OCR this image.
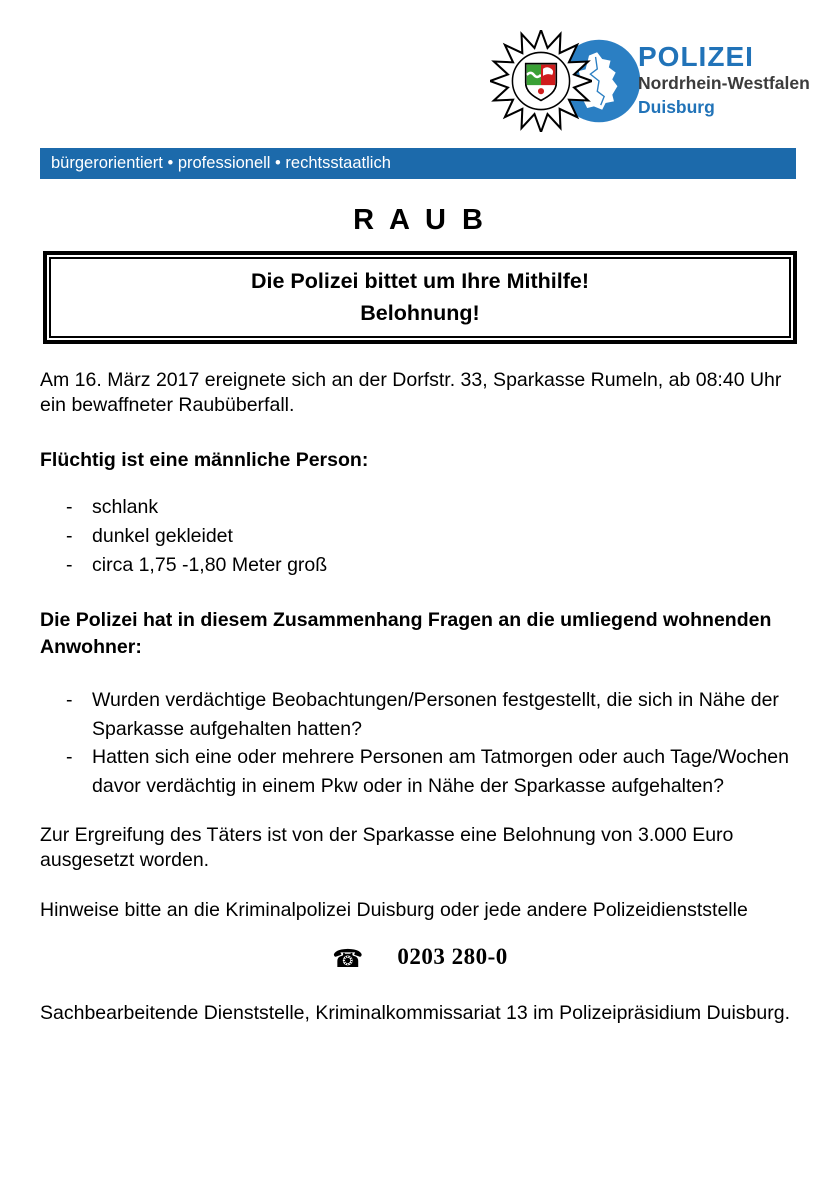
POLIZEI
Nordrhein-Westfalen
Duisburg
bürgerorientiert • professionell • rechtsstaatlich
R A U B
Die Polizei bittet um Ihre Mithilfe!
Belohnung!

Am 16. März 2017 ereignete sich an der Dorfstr. 33, Sparkasse Rumeln, ab 08:40 Uhr ein bewaffneter Raubüberfall.

Flüchtig ist eine männliche Person:

-	schlank
-	dunkel gekleidet
-	circa 1,75 -1,80 Meter groß

Die Polizei hat in diesem Zusammenhang Fragen an die umliegend wohnenden Anwohner:

-	Wurden verdächtige Beobachtungen/Personen festgestellt, die sich in Nähe der Sparkasse aufgehalten hatten?
-	Hatten sich eine oder mehrere Personen am Tatmorgen oder auch Tage/Wochen davor verdächtig in einem Pkw oder in Nähe der Sparkasse aufgehalten?

Zur Ergreifung des Täters ist von der Sparkasse eine Belohnung von 3.000 Euro ausgesetzt worden.

Hinweise bitte an die Kriminalpolizei Duisburg oder jede andere Polizeidienststelle

☎ 0203 280-0

Sachbearbeitende Dienststelle, Kriminalkommissariat 13 im Polizeipräsidium Duisburg.
